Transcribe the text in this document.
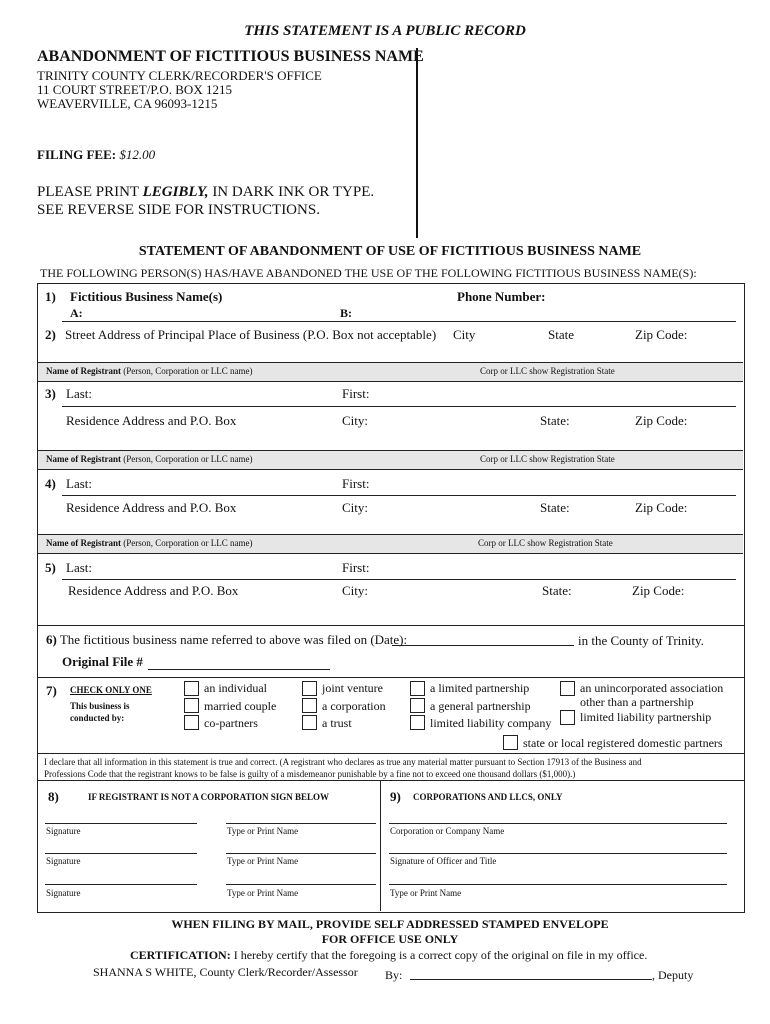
THIS STATEMENT IS A PUBLIC RECORD
ABANDONMENT OF FICTITIOUS BUSINESS NAME
TRINITY COUNTY CLERK/RECORDER'S OFFICE
11 COURT STREET/P.O. BOX 1215
WEAVERVILLE, CA 96093-1215
FILING FEE: $12.00
PLEASE PRINT LEGIBLY, IN DARK INK OR TYPE.
SEE REVERSE SIDE FOR INSTRUCTIONS.
STATEMENT OF ABANDONMENT OF USE OF FICTITIOUS BUSINESS NAME
THE FOLLOWING PERSON(S) HAS/HAVE ABANDONED THE USE OF THE FOLLOWING FICTITIOUS BUSINESS NAME(S):
1) Fictitious Business Name(s)	Phone Number:
A:	B:
2) Street Address of Principal Place of Business (P.O. Box not acceptable) City	State	Zip Code:
Name of Registrant (Person, Corporation or LLC name)	Corp or LLC show Registration State
3) Last:	First:
Residence Address and P.O. Box	City:	State:	Zip Code:
Name of Registrant (Person, Corporation or LLC name)	Corp or LLC show Registration State
4) Last:	First:
Residence Address and P.O. Box	City:	State:	Zip Code:
Name of Registrant (Person, Corporation or LLC name)	Corp or LLC show Registration State
5) Last:	First:
Residence Address and P.O. Box	City:	State:	Zip Code:
6) The fictitious business name referred to above was filed on (Date):	in the County of Trinity.
Original File #
7) CHECK ONLY ONE
This business is
conducted by:
an individual
married couple
co-partners
joint venture
a corporation
a trust
a limited partnership
a general partnership
limited liability company
an unincorporated association
other than a partnership
limited liability partnership
state or local registered domestic partners
I declare that all information in this statement is true and correct. (A registrant who declares as true any material matter pursuant to Section 17913 of the Business and
Professions Code that the registrant knows to be false is guilty of a misdemeanor punishable by a fine not to exceed one thousand dollars ($1,000).)
8)	IF REGISTRANT IS NOT A CORPORATION SIGN BELOW	9) CORPORATIONS AND LLCS, ONLY
Signature	Type or Print Name
Signature	Type or Print Name
Signature	Type or Print Name
Corporation or Company Name
Signature of Officer and Title
Type or Print Name
WHEN FILING BY MAIL, PROVIDE SELF ADDRESSED STAMPED ENVELOPE
FOR OFFICE USE ONLY
CERTIFICATION: I hereby certify that the foregoing is a correct copy of the original on file in my office.
SHANNA S WHITE, County Clerk/Recorder/Assessor By:	, Deputy
